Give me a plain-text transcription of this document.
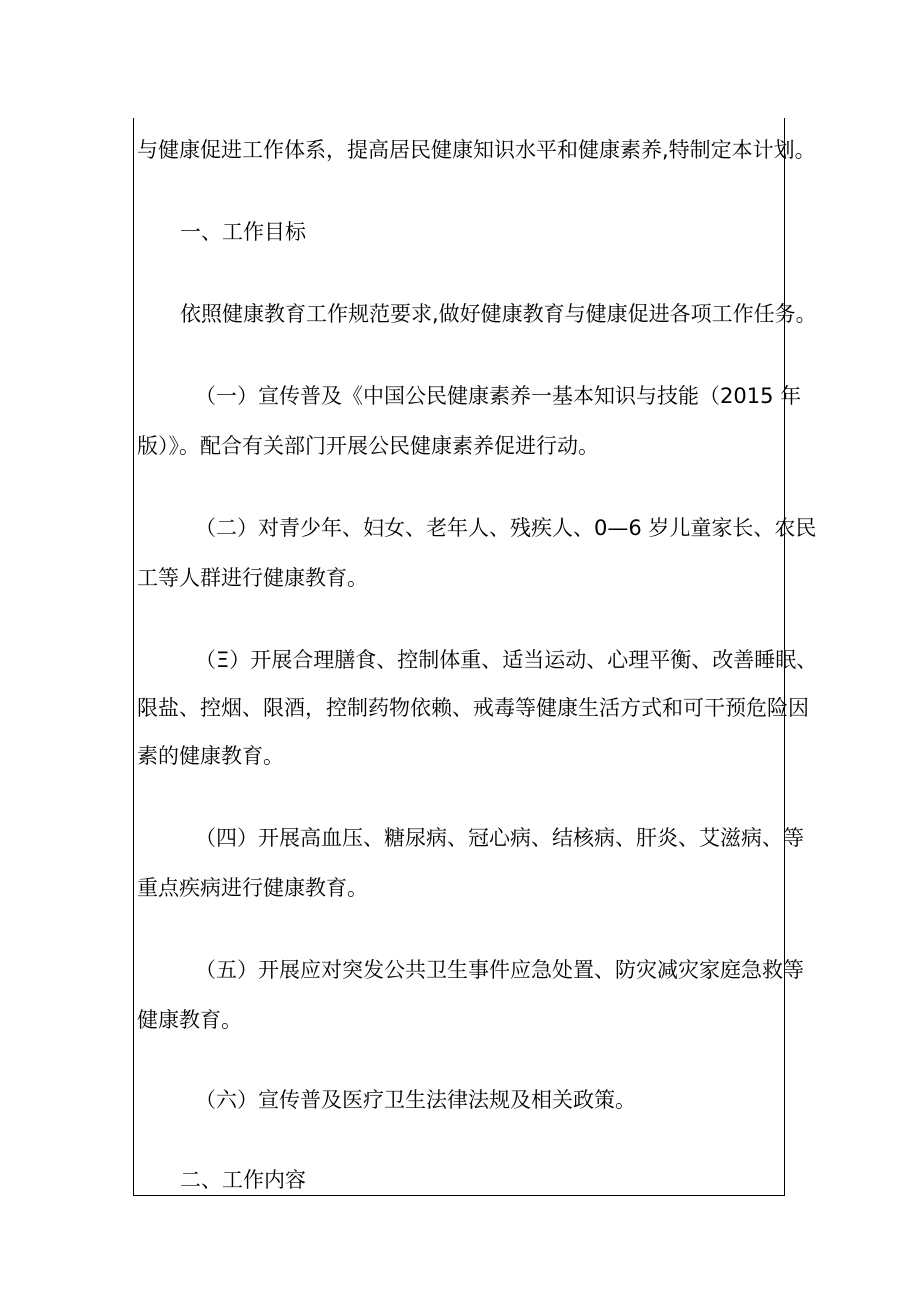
与健康促进工作体系，提高居民健康知识水平和健康素养,特制定本计划。
一、工作目标
依照健康教育工作规范要求,做好健康教育与健康促进各项工作任务。
（一）宣传普及《中国公民健康素养一基本知识与技能（2015 年
版）》。配合有关部门开展公民健康素养促进行动。
（二）对青少年、妇女、老年人、残疾人、0—6 岁儿童家长、农民
工等人群进行健康教育。
（Ξ）开展合理膳食、控制体重、适当运动、心理平衡、改善睡眠、
限盐、控烟、限酒，控制药物依赖、戒毒等健康生活方式和可干预危险因
素的健康教育。
（四）开展高血压、糖尿病、冠心病、结核病、肝炎、艾滋病、等
重点疾病进行健康教育。
（五）开展应对突发公共卫生事件应急处置、防灾减灾家庭急救等
健康教育。
（六）宣传普及医疗卫生法律法规及相关政策。
二、工作内容
